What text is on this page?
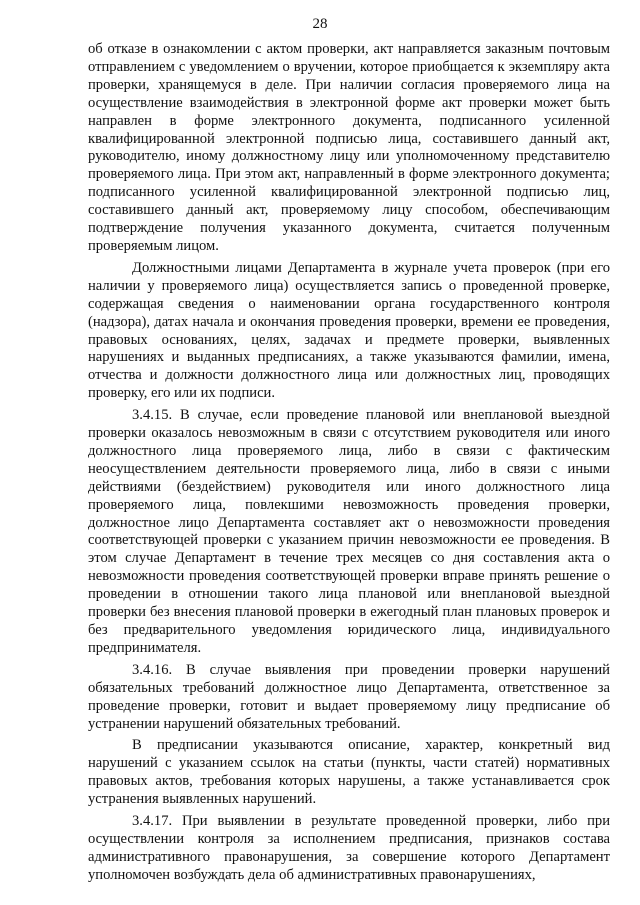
28

об отказе в ознакомлении с актом проверки, акт направляется заказным почтовым отправлением с уведомлением о вручении, которое приобщается к экземпляру акта проверки, хранящемуся в деле. При наличии согласия проверяемого лица на осуществление взаимодействия в электронной форме акт проверки может быть направлен в форме электронного документа, подписанного усиленной квалифицированной электронной подписью лица, составившего данный акт, руководителю, иному должностному лицу или уполномоченному представителю проверяемого лица. При этом акт, направленный в форме электронного документа; подписанного усиленной квалифицированной электронной подписью лиц, составившего данный акт, проверяемому лицу способом, обеспечивающим подтверждение получения указанного документа, считается полученным проверяемым лицом.

Должностными лицами Департамента в журнале учета проверок (при его наличии у проверяемого лица) осуществляется запись о проведенной проверке, содержащая сведения о наименовании органа государственного контроля (надзора), датах начала и окончания проведения проверки, времени ее проведения, правовых основаниях, целях, задачах и предмете проверки, выявленных нарушениях и выданных предписаниях, а также указываются фамилии, имена, отчества и должности должностного лица или должностных лиц, проводящих проверку, его или их подписи.

3.4.15. В случае, если проведение плановой или внеплановой выездной проверки оказалось невозможным в связи с отсутствием руководителя или иного должностного лица проверяемого лица, либо в связи с фактическим неосуществлением деятельности проверяемого лица, либо в связи с иными действиями (бездействием) руководителя или иного должностного лица проверяемого лица, повлекшими невозможность проведения проверки, должностное лицо Департамента составляет акт о невозможности проведения соответствующей проверки с указанием причин невозможности ее проведения. В этом случае Департамент в течение трех месяцев со дня составления акта о невозможности проведения соответствующей проверки вправе принять решение о проведении в отношении такого лица плановой или внеплановой выездной проверки без внесения плановой проверки в ежегодный план плановых проверок и без предварительного уведомления юридического лица, индивидуального предпринимателя.

3.4.16. В случае выявления при проведении проверки нарушений обязательных требований должностное лицо Департамента, ответственное за проведение проверки, готовит и выдает проверяемому лицу предписание об устранении нарушений обязательных требований.

В предписании указываются описание, характер, конкретный вид нарушений с указанием ссылок на статьи (пункты, части статей) нормативных правовых актов, требования которых нарушены, а также устанавливается срок устранения выявленных нарушений.

3.4.17. При выявлении в результате проведенной проверки, либо при осуществлении контроля за исполнением предписания, признаков состава административного правонарушения, за совершение которого Департамент уполномочен возбуждать дела об административных правонарушениях,
